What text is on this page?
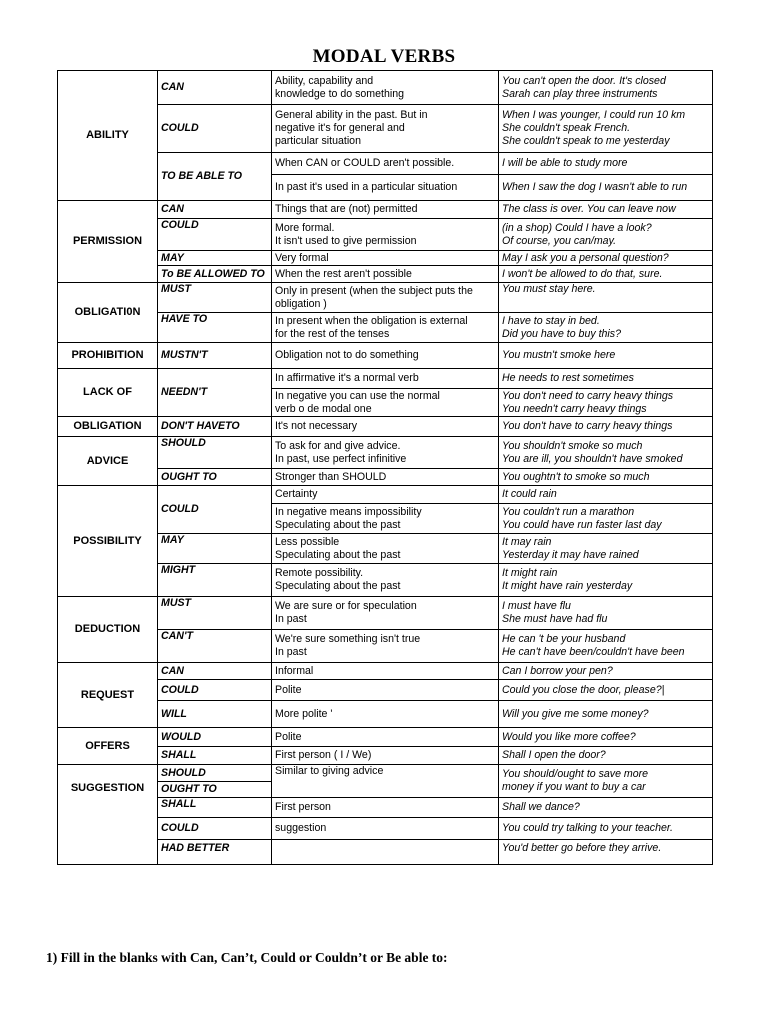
MODAL VERBS
ABILITY	CAN	Ability, capability and
knowledge to do something	You can't open the door. It's closed
Sarah can play three instruments

	COULD	General ability in the past. But in
negative it's for general and
particular situation	When I was younger, I could run 10 km
She couldn't speak French.
She couldn't speak to me yesterday

	TO BE ABLE TO	When CAN or COULD aren't possible.	I will be able to study more
		In past it's used in a particular situation	When I saw the dog I wasn't able to run
PERMISSION	CAN	Things that are (not) permitted	The class is over. You can leave now
	COULD	More formal.
It isn't used to give permission	(in a shop) Could I have a look?
Of course, you can/may.

	MAY	Very formal	May I ask you a personal question?
	To BE ALLOWED TO	When the rest aren't possible	I won't be allowed to do that, sure.
OBLIGATI0N	MUST	Only in present (when the subject puts the
obligation )	You must stay here.
	HAVE TO	In present when the obligation is external
for the rest of the tenses	I have to stay in bed.
Did you have to buy this?

PROHIBITION	MUSTN'T	Obligation not to do something	You mustn't smoke here
LACK OF	NEEDN'T	In affirmative it's a normal verb	He needs to rest sometimes

		In negative you can use the normal
verb o de modal one	You don't need to carry heavy things
You needn't carry heavy things

OBLIGATION	DON'T HAVETO	It's not necessary	You don't have to carry heavy things
ADVICE	SHOULD	To ask for and give advice.
In past, use perfect infinitive	You shouldn't smoke so much
You are ill, you shouldn't have smoked

	OUGHT TO	Stronger than SHOULD	You oughtn't to smoke so much
POSSIBILITY	COULD	Certainty	It could rain

		In negative means impossibility
Speculating about the past	You couldn't run a marathon
You could have run faster last day

	MAY	Less possible
Speculating about the past	It may rain
Yesterday it may have rained

	MIGHT	Remote possibility.
Speculating about the past	It might rain
It might have rain yesterday

DEDUCTION	MUST	We are sure or for speculation
In past	I must have flu
She must have had flu

	CAN'T	We're sure something isn't true
In past	He can 't be your husband
He can't have been/couldn't have been

REQUEST	CAN	Informal	Can I borrow your pen?
	COULD	Polite	Could you close the door, please?|
	WILL	More polite '	Will you give me some money?
OFFERS	WOULD	Polite	Would you like more coffee?
	SHALL	First person ( I / We)	Shall I open the door?
SUGGESTION	SHOULD	Similar to giving advice	You should/ought to save more
money if you want to buy a car

	OUGHT TO		
	SHALL	First person	Shall we dance?
	COULD	suggestion	You could try talking to your teacher.
	HAD BETTER		You'd better go before they arrive.
1) Fill in the blanks with Can, Can’t, Could or Couldn’t or Be able to:
